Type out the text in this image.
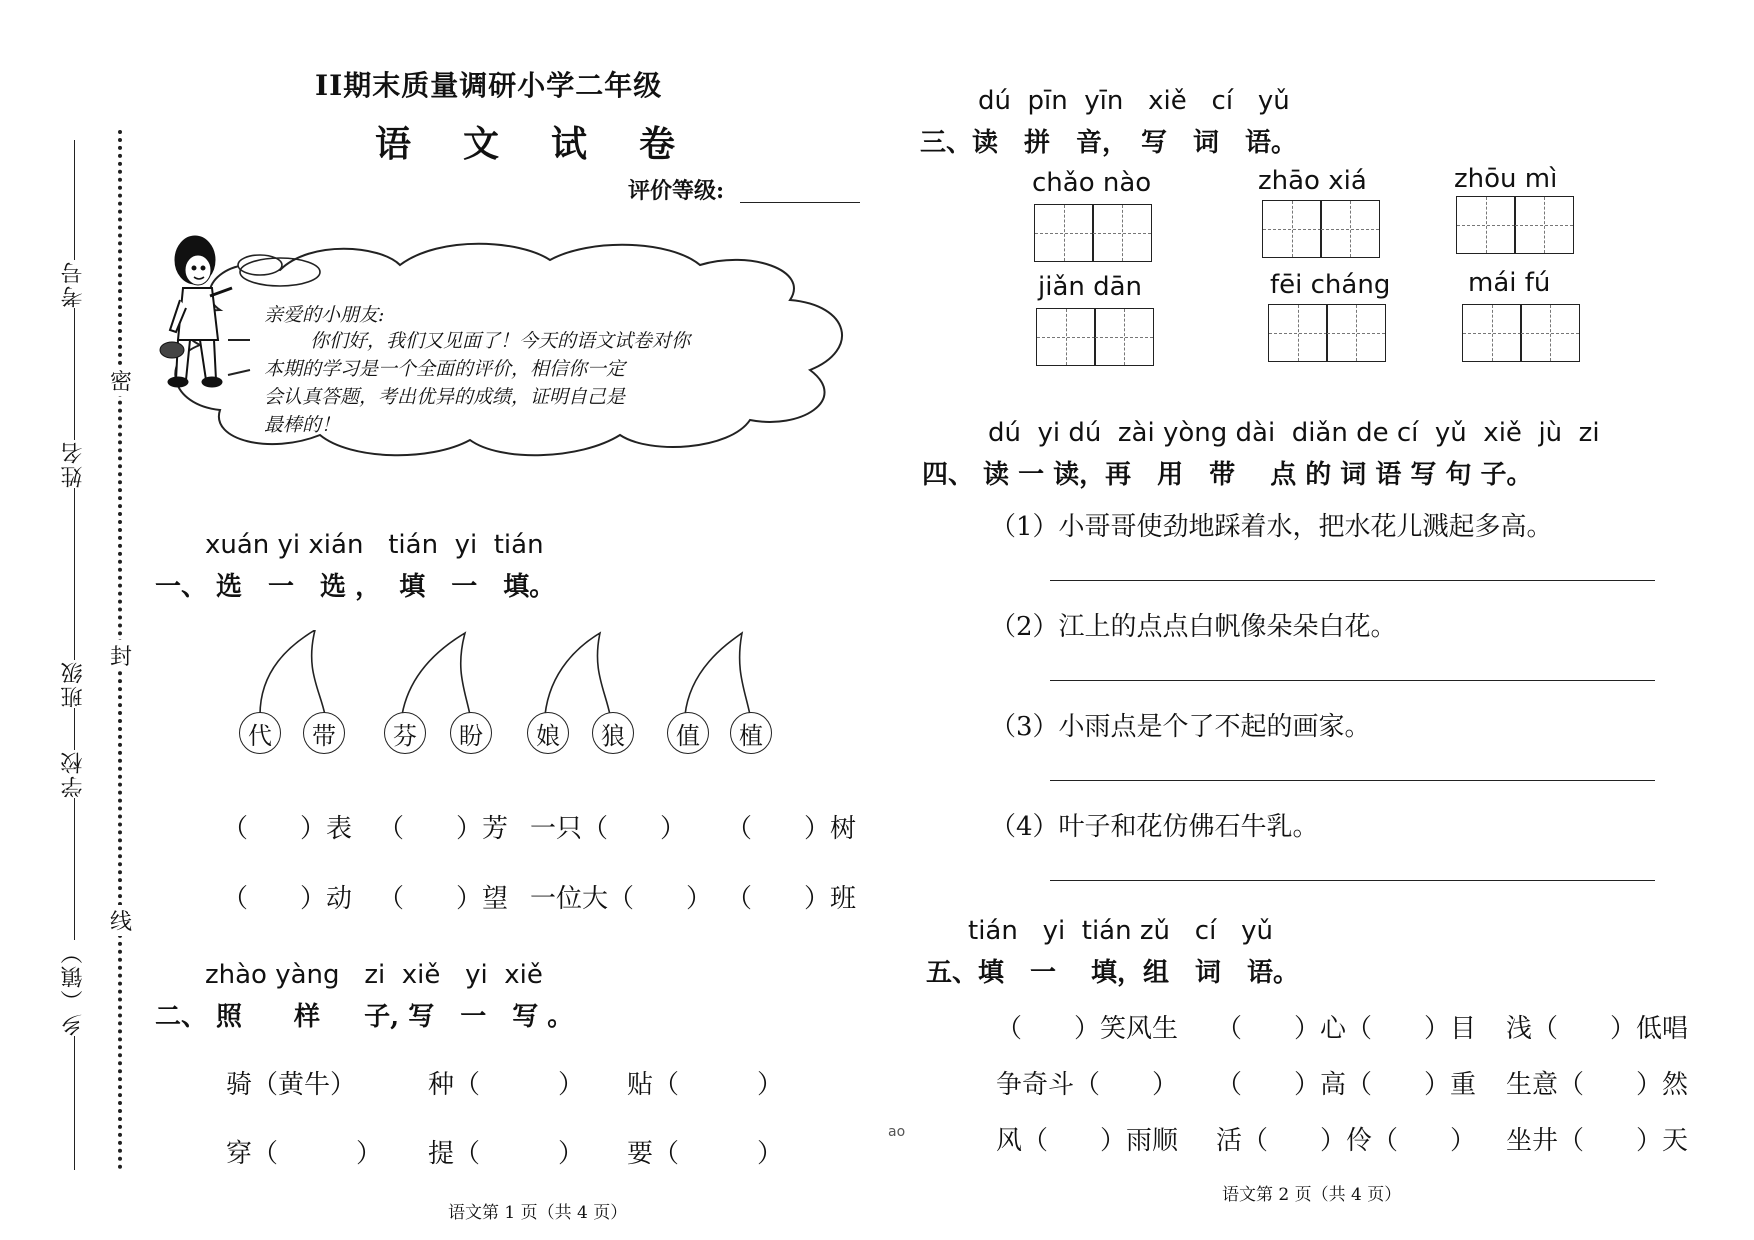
考号
姓名
班级
学校
乡（镇）
密
封
线
II期末质量调研小学二年级
语　文　试　卷
评价等级:
亲爱的小朋友:
你们好，我们又见面了！今天的语文试卷对你
本期的学习是一个全面的评价，相信你一定
会认真答题，考出优异的成绩，证明自己是
最棒的！
xuán yi xián   tián  yi  tián
一、 选　一　选 ，  填　一　填。
代	带	芬	盼	娘	狼	值	植
（　　）表 （　　）芳 一只（　　） （　　）树
（　　）动 （　　）望 一位大（　　） （　　）班
zhào yàng   zi  xiě   yi  xiě
二、 照　　样　  子, 写　一　写 。
骑（黄牛）	种（　　　） 贴（　　　）
穿（　　　） 提（　　　） 要（　　　）
语文第 1 页（共 4 页）
ao
dú  pīn  yīn   xiě   cí   yǔ
三、读　拼　音，　写　词　语。
chǎo nào	zhāo xiá	zhōu mì
jiǎn dān	fēi cháng	mái fú
dú  yi dú  zài yòng dài  diǎn de cí  yǔ  xiě  jù  zi
四、 读 一 读，再　用　带　 点 的 词 语 写 句 子。
（1）小哥哥使劲地踩着水，把水花儿溅起多高。
（2）江上的点点白帆像朵朵白花。
（3）小雨点是个了不起的画家。
（4）叶子和花仿佛石牛乳。
tián   yi  tián zǔ   cí   yǔ
五、填　一　 填，组　词　语。
（　　）笑风生 （　　）心（　　）目 浅（　　）低唱
争奇斗（　　） （　　）高（　　）重 生意（　　）然
风（　　）雨顺 活（　　）伶（　　） 坐井（　　）天
语文第 2 页（共 4 页）
